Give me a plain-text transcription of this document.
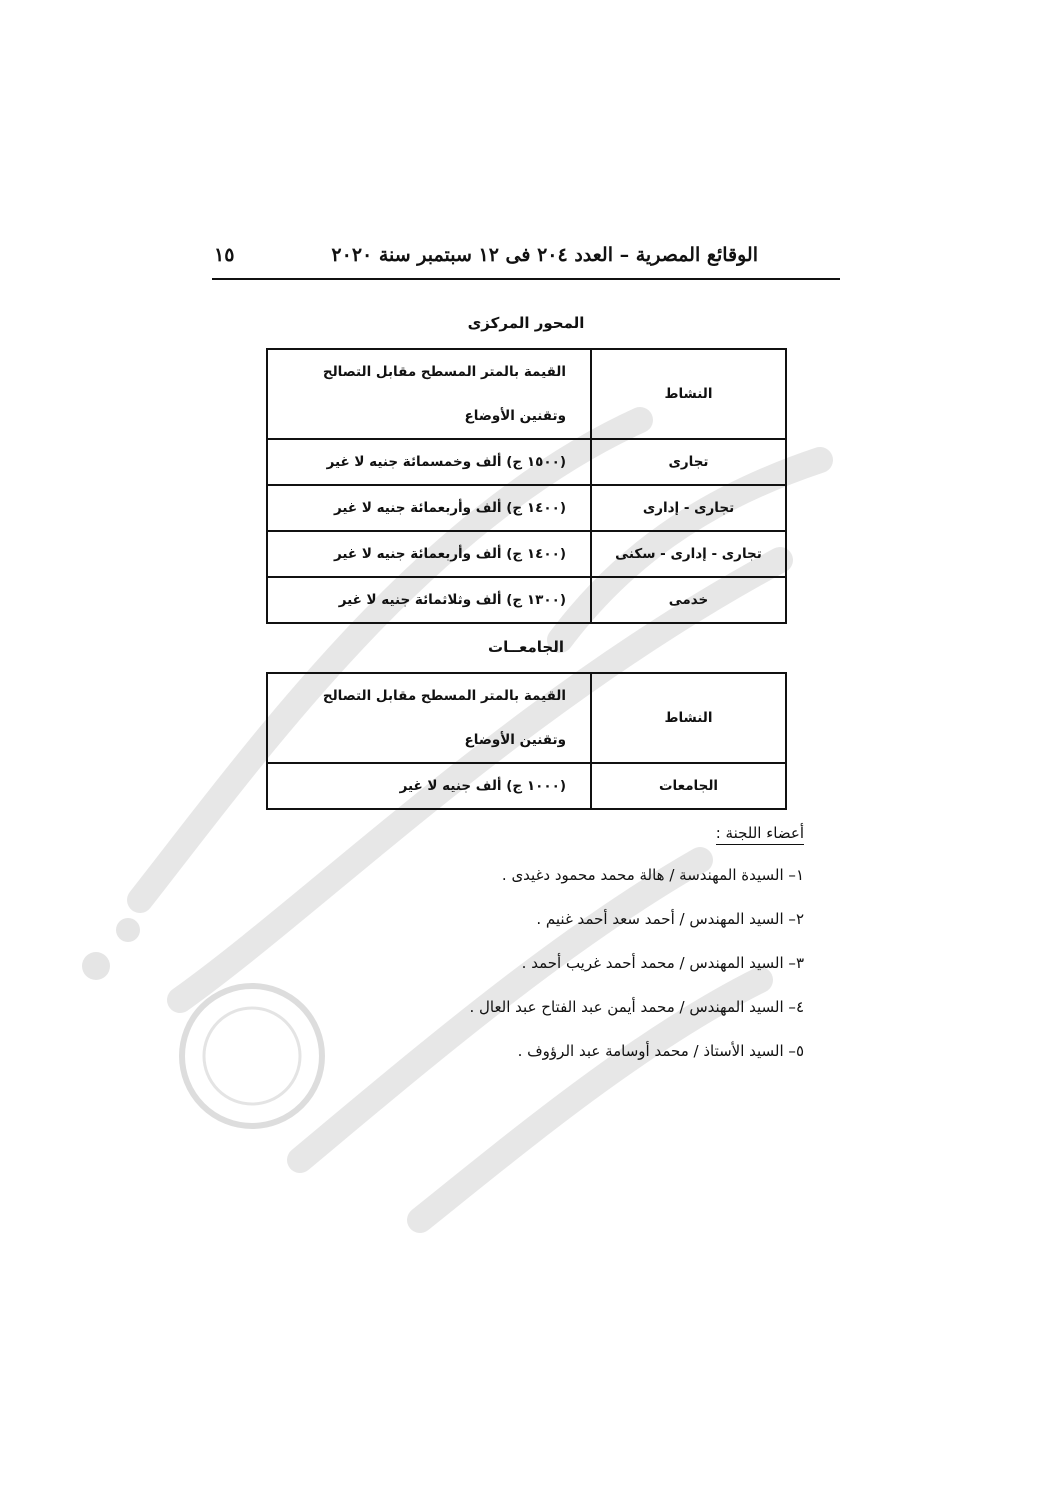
الوقائع المصرية – العدد ٢٠٤ فى ١٢ سبتمبر سنة ٢٠٢٠
١٥
المحور المركزى
النشاط	القيمة بالمتر المسطح مقابل التصالح
وتقنين الأوضاع

تجارى	(١٥٠٠ ج) ألف وخمسمائة جنيه لا غير
تجارى - إدارى	(١٤٠٠ ج) ألف وأربعمائة جنيه لا غير
تجارى - إدارى - سكنى	(١٤٠٠ ج) ألف وأربعمائة جنيه لا غير
خدمى	(١٣٠٠ ج) ألف وثلاثمائة جنيه لا غير
الجامعــات
النشاط	القيمة بالمتر المسطح مقابل التصالح
وتقنين الأوضاع

الجامعات	(١٠٠٠ ج) ألف جنيه لا غير
أعضاء اللجنة :
١– السيدة المهندسة / هالة محمد محمود دغيدى .
٢– السيد المهندس / أحمد سعد أحمد غنيم .
٣– السيد المهندس / محمد أحمد غريب أحمد .
٤– السيد المهندس / محمد أيمن عبد الفتاح عبد العال .
٥– السيد الأستاذ / محمد أوسامة عبد الرؤوف .
